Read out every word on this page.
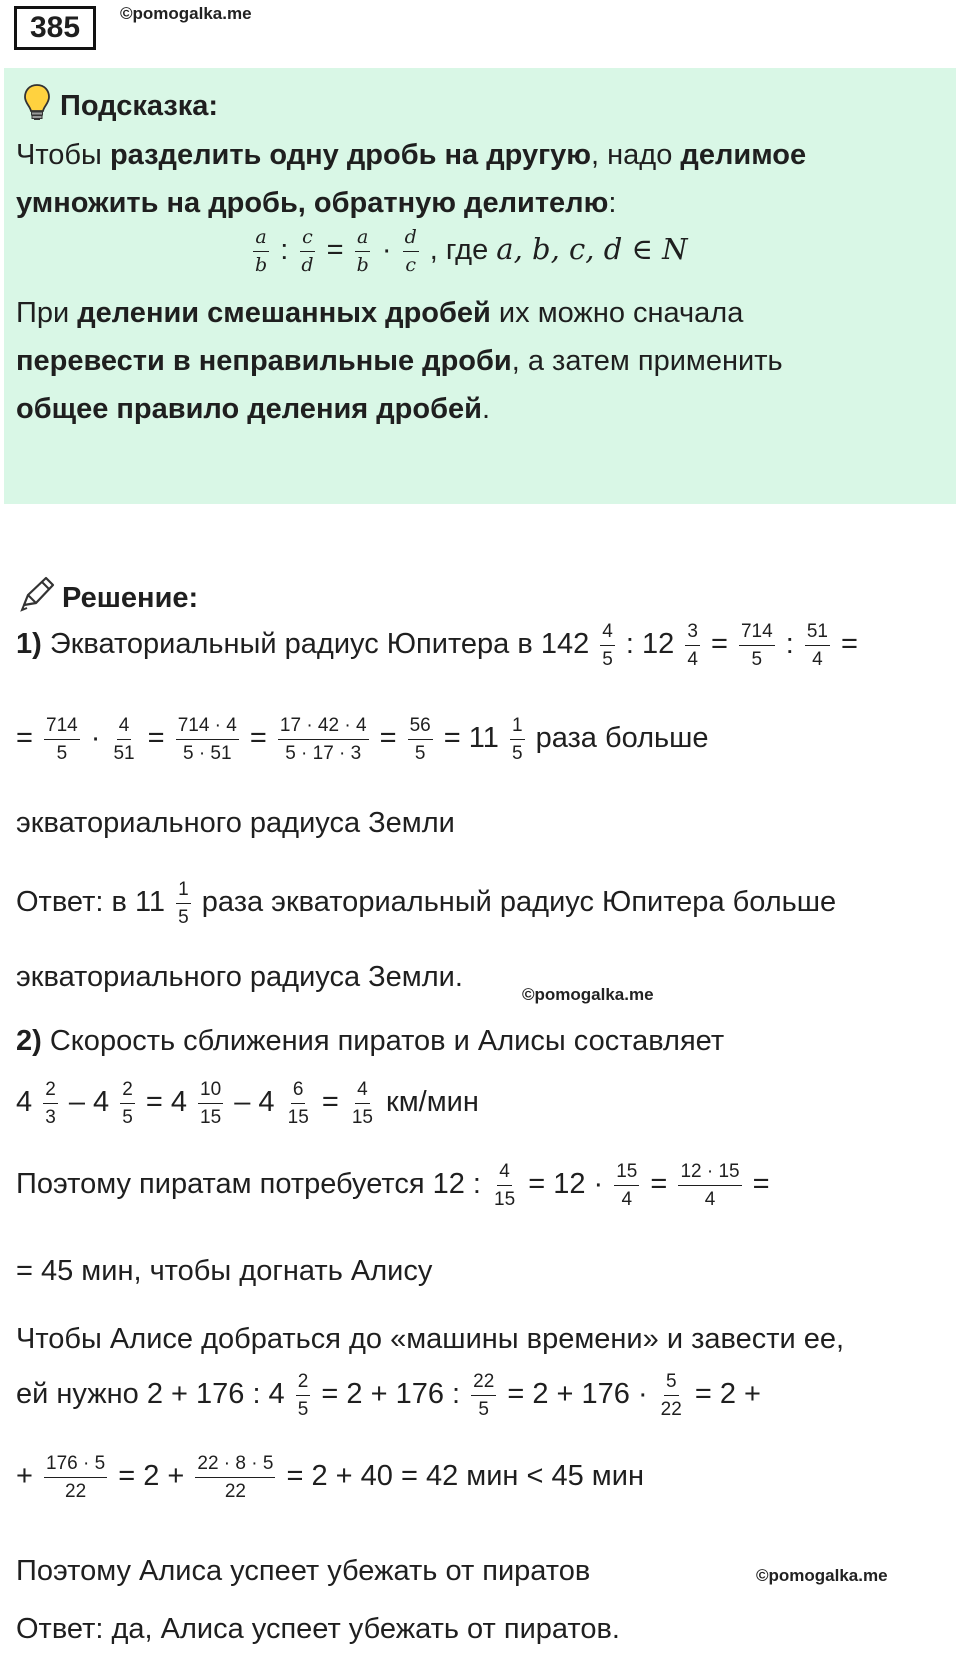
385	©pomogalka.me
Подсказка:
Чтобы разделить одну дробь на другую, надо делимое
умножить на дробь, обратную делителю:
$\frac{a}{b}$ : $\frac{c}{d} = \frac{a}{b} \cdot \frac{d}{c}$ , где a, b, c, d ∈ N
При делении смешанных дробей их можно сначала
перевести в неправильные дроби, а затем применить
общее правило деления дробей.
Решение:
1) Экваториальный радиус Юпитера в $142 \frac{4}{5}$ : $12 \frac{3}{4} = \frac{714}{5}$ : $\frac{51}{4}$ =
= $\frac{714}{5} \cdot \frac{4}{51} = \frac{714 \cdot 4}{5 \cdot 51} = \frac{17 \cdot 42 \cdot 4}{5 \cdot 17 \cdot 3} = \frac{56}{5} = 11 \frac{1}{5}$ раза больше
экваториального радиуса Земли
Ответ: в $11 \frac{1}{5}$ раза экваториальный радиус Юпитера больше
экваториального радиуса Земли.
©pomogalka.me
2) Скорость сближения пиратов и Алисы составляет
$4 \frac{2}{3} - 4 \frac{2}{5} = 4 \frac{10}{15} - 4 \frac{6}{15} = \frac{4}{15} км/мин$
Поэтому пиратам потребуется 12 : $\frac{4}{15} = 12 \cdot \frac{15}{4} = \frac{12 \cdot 15}{4}$ =
= 45 мин, чтобы догнать Алису
Чтобы Алисе добраться до «машины времени» и завести ее,
ей нужно 2 + 176 : $4 \frac{2}{5} = 2 + 176$ : $\frac{22}{5} = 2 + 176 \cdot \frac{5}{22} = 2$ +
+ $\frac{176 \cdot 5}{22} = 2 + \frac{22 \cdot 8 \cdot 5}{22} = 2 + 40 = 42$ мин < 45 мин
Поэтому Алиса успеет убежать от пиратов	©pomogalka.me
Ответ: да, Алиса успеет убежать от пиратов.
